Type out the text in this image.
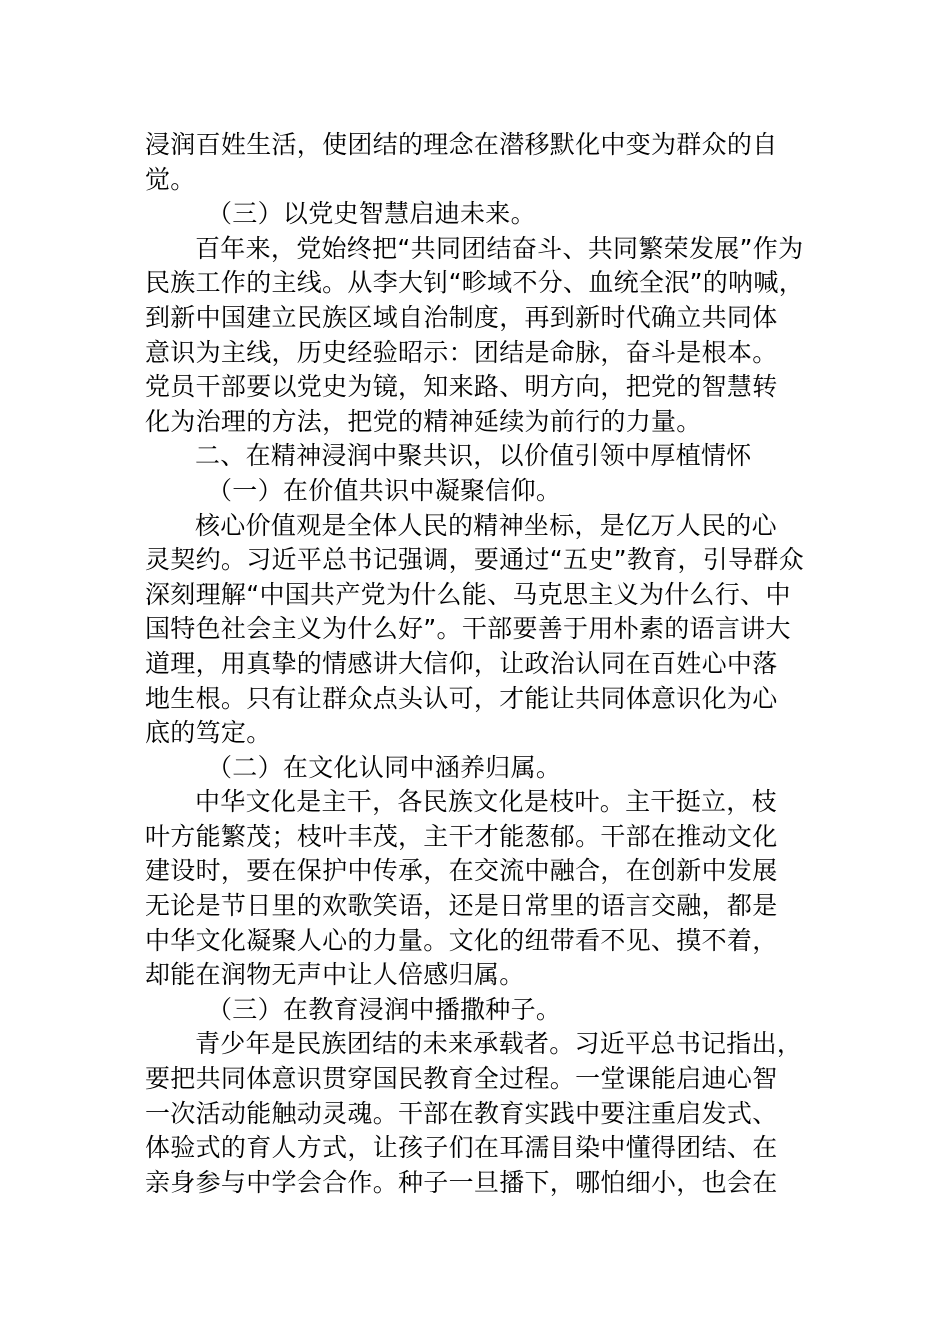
浸润百姓生活，使团结的理念在潜移默化中变为群众的自
觉。
（三）以党史智慧启迪未来。
百年来，党始终把“共同团结奋斗、共同繁荣发展”作为
民族工作的主线。从李大钊“畛域不分、血统全泯”的呐喊，
到新中国建立民族区域自治制度，再到新时代确立共同体
意识为主线，历史经验昭示：团结是命脉，奋斗是根本。
党员干部要以党史为镜，知来路、明方向，把党的智慧转
化为治理的方法，把党的精神延续为前行的力量。
二、在精神浸润中聚共识，以价值引领中厚植情怀
（一）在价值共识中凝聚信仰。
核心价值观是全体人民的精神坐标，是亿万人民的心
灵契约。习近平总书记强调，要通过“五史”教育，引导群众
深刻理解“中国共产党为什么能、马克思主义为什么行、中
国特色社会主义为什么好”。干部要善于用朴素的语言讲大
道理，用真挚的情感讲大信仰，让政治认同在百姓心中落
地生根。只有让群众点头认可，才能让共同体意识化为心
底的笃定。
（二）在文化认同中涵养归属。
中华文化是主干，各民族文化是枝叶。主干挺立，枝
叶方能繁茂；枝叶丰茂，主干才能葱郁。干部在推动文化
建设时，要在保护中传承，在交流中融合，在创新中发展
无论是节日里的欢歌笑语，还是日常里的语言交融，都是
中华文化凝聚人心的力量。文化的纽带看不见、摸不着，
却能在润物无声中让人倍感归属。
（三）在教育浸润中播撒种子。
青少年是民族团结的未来承载者。习近平总书记指出，
要把共同体意识贯穿国民教育全过程。一堂课能启迪心智
一次活动能触动灵魂。干部在教育实践中要注重启发式、
体验式的育人方式，让孩子们在耳濡目染中懂得团结、在
亲身参与中学会合作。种子一旦播下，哪怕细小，也会在
